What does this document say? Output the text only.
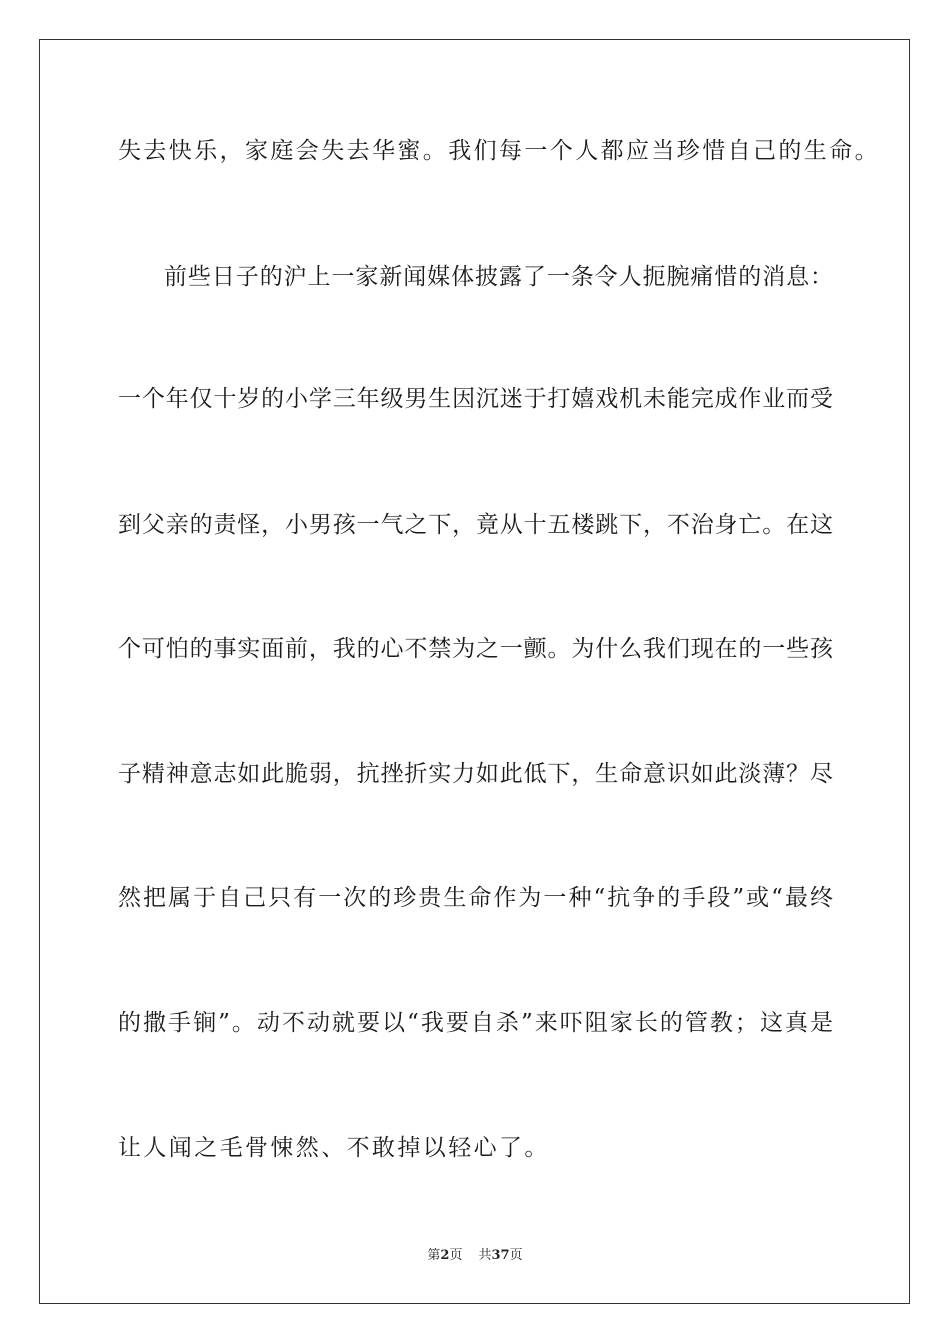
失去快乐，家庭会失去华蜜。我们每一个人都应当珍惜自己的生命。
前些日子的沪上一家新闻媒体披露了一条令人扼腕痛惜的消息：
一个年仅十岁的小学三年级男生因沉迷于打嬉戏机未能完成作业而受
到父亲的责怪，小男孩一气之下，竟从十五楼跳下，不治身亡。在这
个可怕的事实面前，我的心不禁为之一颤。为什么我们现在的一些孩
子精神意志如此脆弱，抗挫折实力如此低下，生命意识如此淡薄？尽
然把属于自己只有一次的珍贵生命作为一种“抗争的手段”或“最终
的撒手锏”。动不动就要以“我要自杀”来吓阻家长的管教；这真是
让人闻之毛骨悚然、不敢掉以轻心了。
第2页 共37页
